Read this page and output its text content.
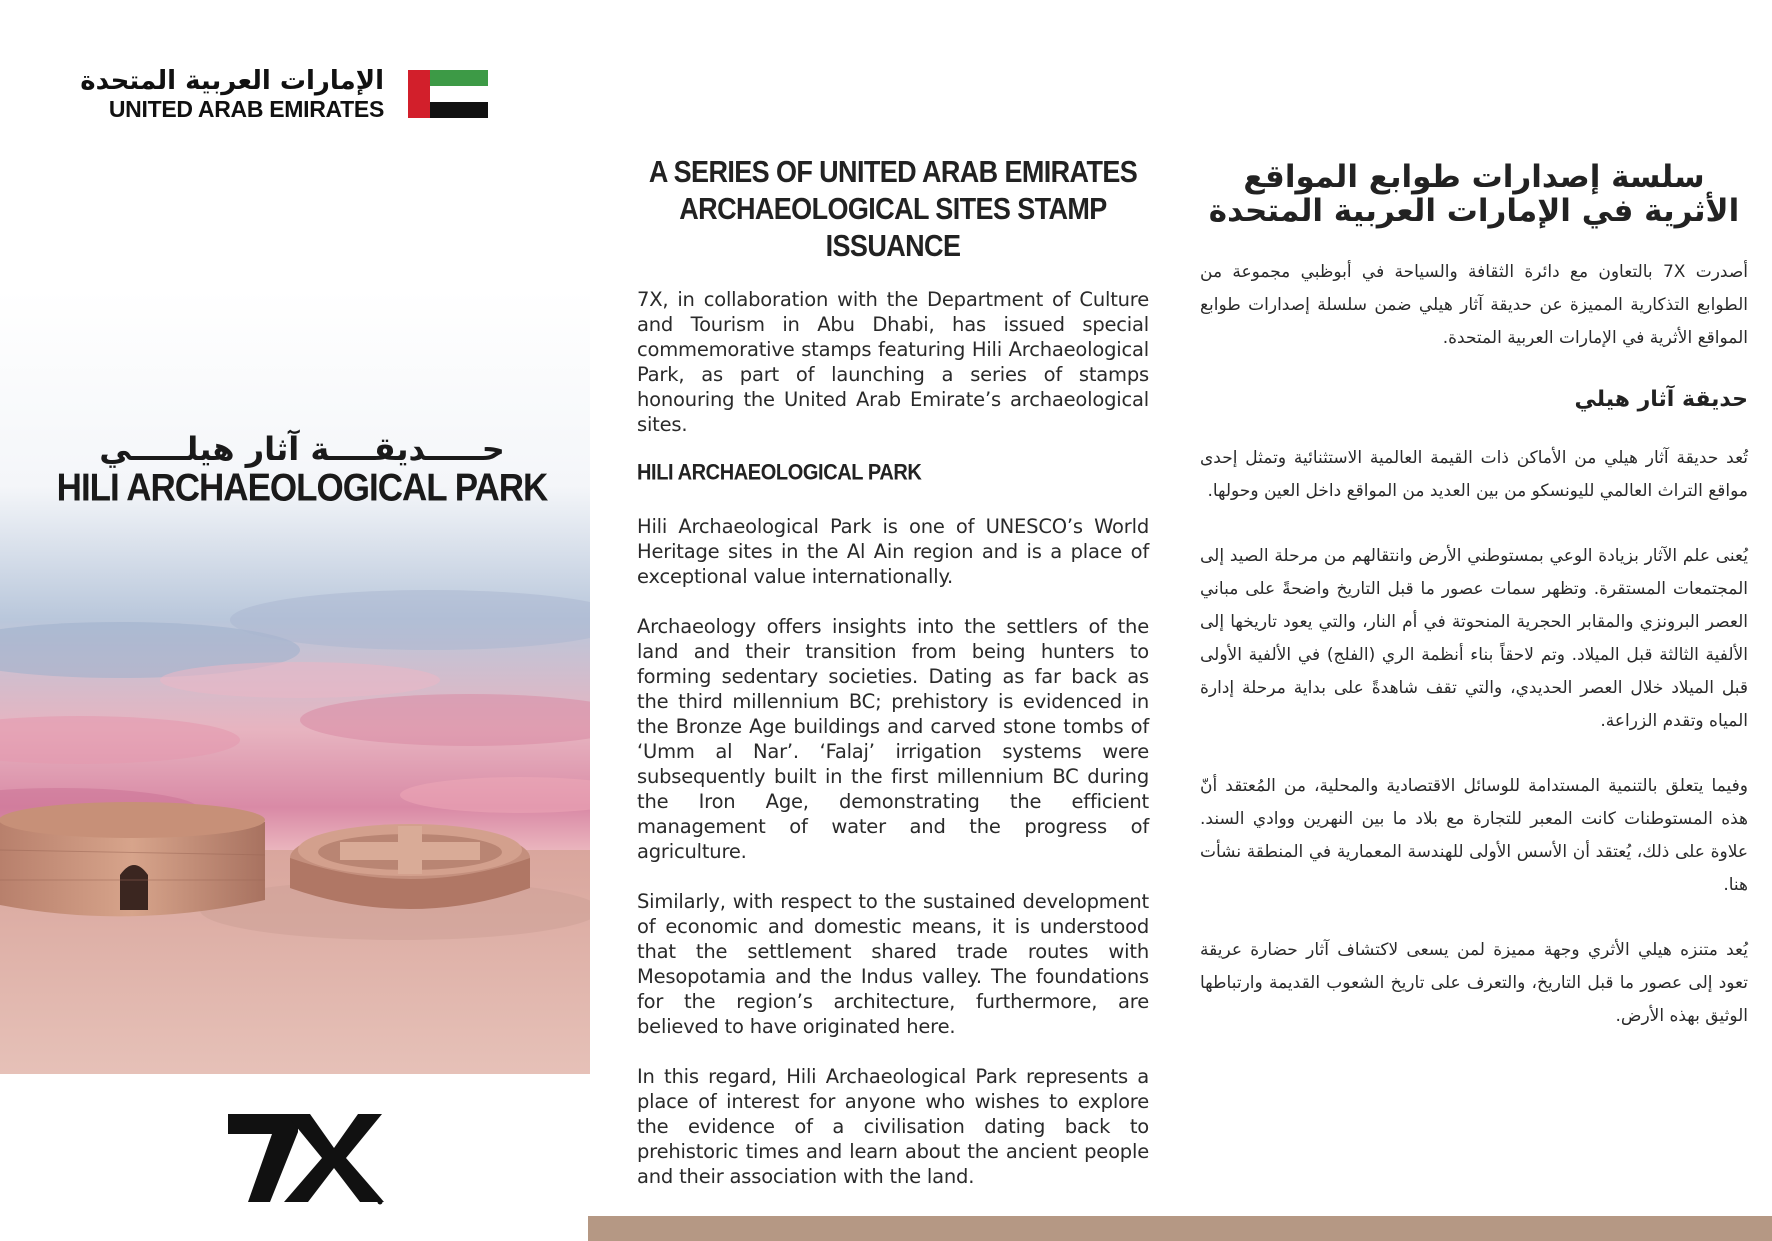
الإمارات العربية المتحدة
UNITED ARAB EMIRATES
حـــــديقــــة آثار هيلـــــي
HILI ARCHAEOLOGICAL PARK
A SERIES OF UNITED ARAB EMIRATES
ARCHAEOLOGICAL SITES STAMP ISSUANCE

7X, in collaboration with the Department of Culture and Tourism in Abu Dhabi, has issued special commemorative stamps featuring Hili Archaeological Park, as part of launching a series of stamps honouring the United Arab Emirate’s archaeological sites.

HILI ARCHAEOLOGICAL PARK

Hili Archaeological Park is one of UNESCO’s World Heritage sites in the Al Ain region and is a place of exceptional value internationally.

Archaeology offers insights into the settlers of the land and their transition from being hunters to forming sedentary societies. Dating as far back as the third millennium BC; prehistory is evidenced in the Bronze Age buildings and carved stone tombs of ‘Umm al Nar’. ‘Falaj’ irrigation systems were subsequently built in the first millennium BC during the Iron Age, demonstrating the efficient management of water and the progress of agriculture.

Similarly, with respect to the sustained development of economic and domestic means, it is understood that the settlement shared trade routes with Mesopotamia and the Indus valley. The foundations for the region’s architecture, furthermore, are believed to have originated here.

In this regard, Hili Archaeological Park represents a place of interest for anyone who wishes to explore the evidence of a civilisation dating back to prehistoric times and learn about the ancient people and their association with the land.

سلسة إصدارات طوابع المواقع
الأثرية في الإمارات العربية المتحدة

أصدرت 7X بالتعاون مع دائرة الثقافة والسياحة في أبوظبي مجموعة من الطوابع التذكارية المميزة عن حديقة آثار هيلي ضمن سلسلة إصدارات طوابع المواقع الأثرية في الإمارات العربية المتحدة.

حديقة آثار هيلي

تُعد حديقة آثار هيلي من الأماكن ذات القيمة العالمية الاستثنائية وتمثل إحدى مواقع التراث العالمي لليونسكو من بين العديد من المواقع داخل العين وحولها.

يُعنى علم الآثار بزيادة الوعي بمستوطني الأرض وانتقالهم من مرحلة الصيد إلى المجتمعات المستقرة. وتظهر سمات عصور ما قبل التاريخ واضحةً على مباني العصر البرونزي والمقابر الحجرية المنحوتة في أم النار، والتي يعود تاريخها إلى الألفية الثالثة قبل الميلاد. وتم لاحقاً بناء أنظمة الري (الفلج) في الألفية الأولى قبل الميلاد خلال العصر الحديدي، والتي تقف شاهدةً على بداية مرحلة إدارة المياه وتقدم الزراعة.

وفيما يتعلق بالتنمية المستدامة للوسائل الاقتصادية والمحلية، من المُعتقد أنّ هذه المستوطنات كانت المعبر للتجارة مع بلاد ما بين النهرين ووادي السند. علاوة على ذلك، يُعتقد أن الأسس الأولى للهندسة المعمارية في المنطقة نشأت هنا.

يُعد متنزه هيلي الأثري وجهة مميزة لمن يسعى لاكتشاف آثار حضارة عريقة تعود إلى عصور ما قبل التاريخ، والتعرف على تاريخ الشعوب القديمة وارتباطها الوثيق بهذه الأرض.
